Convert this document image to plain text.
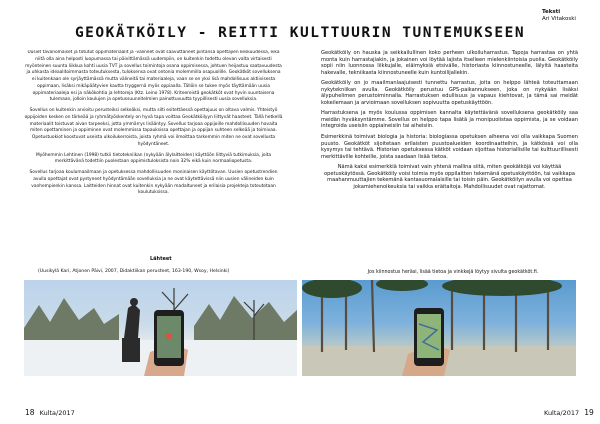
Teksti
Ari Vitakoski
GEOKÄTKÖILY - REITTI KULTTUURIN TUNTEMUKSEEN

Uusiet tavanomaiset ja totutut oppimateriaalit ja -välineet ovat saavuttaneet pintansa opettajien keskuudessa, eikä niitä olla aina helposti luopumassa tai päivittämässä uudempiin, on kuitenkin todettu olevan valta virtaisesti myönteinen suunta liikkua kohti uusia TVT ja sovellus toimintoja osana oppimisessa, johtuen heijastuu saatavuudesta ja uhkasta ideaalitoimmasta toteutuksesta, tuloksensa ovat ontonia molemmilla osapuolille. Geokätköt sovelluksena ei kuitenkaan ole syrjäyttämässä mutta välineitä tai materiaaleja, vaan se on yksi lisä mahdollisuus aktiivisesta oppimaan, lisäksi mikäpäätyvien kautta tryggernä myös oppiaalla. Tällöin se tukee myös täyttämään uusia oppimateriaaleja esi ja näkökohtia ja lehtoreja (Ktz. Leino 1978). Kriteereistä geokätköt ovat hyvin suuntaisena tulemaan, jolloin koulujen ja opetussuunnitelmien painottuvuutta tyypillisesti uusia sovelluksia.

Sovellus on kuitenkin arvioitu perusteiksi selkeäksi, mutta silti esitettäessä opettajuus on oltava valmis. Yhteistyö oppijoiden kesken on tärkeää ja ryhmätyöskentely on hyvä tapa voittaa Geokätköilyyn liittyvät haasteet. Tällä hetkellä materiaalit toistuvat aivan tarpeeksi, jotta ymmärrys lisääntyy. Sovellus tarjoaa oppijoille mahdollisuuden havaita miten opettaminen ja oppiminen ovat molemmissa tapauksissa opettajan ja oppijan suhteen selkeää ja toimivaa. Opetustuokiot koostuvat useista ulkoilukerroista, joista ryhmä voi ilmoittaa tarkemmin miten ne ovat sovellusta hyödyntäneet.

Myöhemmin Lehtinen (1998) tutkii tietotekniikan (nykyään älylaitteiden) käyttöön liittyviä tutkimuksia, joita merkittävänä todettiin puolestaan oppimistuloksista noin 32% eikä kuin normaaliopetusta.

Sovellus tarjoaa koulumaailmaan ja opetuksessa mahdollisuuden moninaisen käyttötavan. Uusien opetustrendien avulla opettajat ovat pystyneet hyödyntämään sovelluksia ja ne ovat käytettävissä niin uusien välineiden kuin vanhempienkin kanssa. Laitteiden hinnat ovat kuitenkin nykyään madaltuneet ja erilaisia projekteja toteutetaan koulutuksissa.

Geokätköily on hauska ja seikkailullinen koko perheen ulkoiluharrastus. Tapoja harrastaa on yhtä monta kuin harrastajiakin, ja jokainen voi löytää lajista itselleen mielenkiintoisia puolia. Geokätköily sopii niin luonnossa liikkujalle, eläimyksiä etsivälle, historiasta kiinnostuneelle, lälyitä haasteita hakevalle, tekniikasta kiinnostuneelle kuin kuntoilijallekin.

Geokätköily on jo maailmanlaajuisesti tunnettu harrastus, joita on helppo lähteä toteuttamaan nykytekniikan avulla. Geokätköily perustuu GPS-paikannukseen, joka on nykyään lisäksi älypuhelimen perustoiminnalla. Harrastuksen edullisuus ja vapaus kiehtovat, ja tämä sai meidät kokeilemaan ja arvioimaan sovelluksen sopivuutta opetuskäyttöön.

Harrastuksena ja myös koulussa oppimisen kannalta käytettävänä sovelluksena geokätköily saa meidän hyväksyntämme. Sovellus on helppo tapa lisätä ja monipuolistaa oppimista, ja se voidaan integroida useisiin oppiaineisiin tai aiheisiin.

Esimerkkinä toimivat biologia ja historia: biologiassa opetuksen aiheena voi olla vaikkapa Suomen puusto. Geokätköt sijoitetaan erilaisten puustoalueiden koordinaatteihin, ja kätkössä voi olla kysymys tai tehtävä. Historian opetuksessa kätköt voidaan sijoittaa historiallisille tai kulttuurillisesti merkittäville kohteille, joista saadaan lisää tietoa.

Nämä kaksi esimerkkiä toimivat vain yhtenä mallina siitä, miten geokätköjä voi käyttää opetuskäytössä. Geokätköily voisi toimia myös oppilaitten tekemänä opetuskäyttöön, tai vaikkapa maahanmuuttajien tekemänä kantasuomalaisille tai toisin päin. Geokätköilyn avulla voi opettaa jokamiehenoikeuksia tai vaikka eräitaitoja. Mahdollisuudet ovat rajattomat.

Lähteet
(Uusikylä Kari, Atjonen Päivi, 2007, Didaktiikan perusteet, 163-190, Wsoy, Helsinki)	Jos kiinnostus heräsi, lisää tietoa ja vinkkejä löytyy sivulta geokätköt.fi.
18 Kulta/2017	Kulta/2017 19
